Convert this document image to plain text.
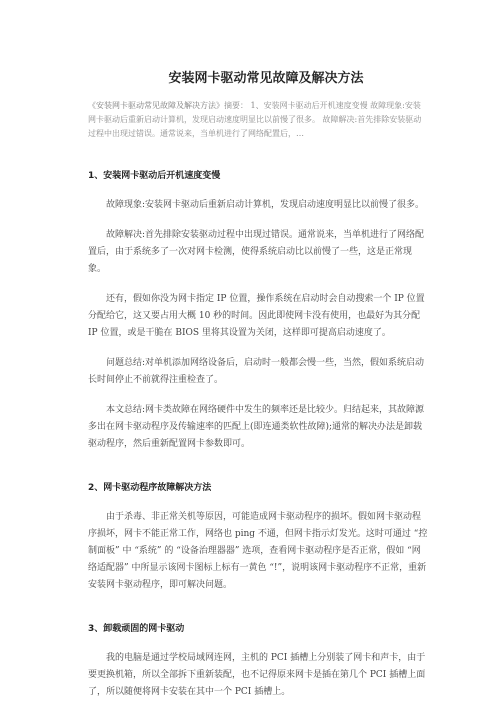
安装网卡驱动常见故障及解决方法
《安装网卡驱动常见故障及解决方法》摘要： 1、安装网卡驱动后开机速度变慢 故障现象:安装网卡驱动后重新启动计算机，发现启动速度明显比以前慢了很多。 故障解决:首先排除安装驱动过程中出现过错误。通常说来，当单机进行了网络配置后，…
1、安装网卡驱动后开机速度变慢

故障现象:安装网卡驱动后重新启动计算机，发现启动速度明显比以前慢了很多。

故障解决:首先排除安装驱动过程中出现过错误。通常说来，当单机进行了网络配置后，由于系统多了一次对网卡检测，使得系统启动比以前慢了一些，这是正常现象。

还有，假如你没为网卡指定 IP 位置，操作系统在启动时会自动搜索一个 IP 位置分配给它，这又要占用大概 10 秒的时间。因此即使网卡没有使用，也最好为其分配 IP 位置，或是干脆在 BIOS 里将其设置为关闭，这样即可提高启动速度了。

问题总结:对单机添加网络设备后，启动时一般都会慢一些，当然，假如系统启动长时间停止不前就得注重检查了。

本文总结:网卡类故障在网络硬件中发生的频率还是比较少。归结起来，其故障源多出在网卡驱动程序及传输速率的匹配上(即连通类软性故障);通常的解决办法是卸载驱动程序，然后重新配置网卡参数即可。

2、网卡驱动程序故障解决方法

由于杀毒、非正常关机等原因，可能造成网卡驱动程序的损坏。假如网卡驱动程序损坏，网卡不能正常工作，网络也 ping 不通，但网卡指示灯发光。这时可通过 “控制面板” 中 “系统” 的 “设备治理器器” 选项，查看网卡驱动程序是否正常，假如 “网络适配器” 中所显示该网卡图标上标有一黄色 “!”，说明该网卡驱动程序不正常，重新安装网卡驱动程序，即可解决问题。

3、卸载顽固的网卡驱动

我的电脑是通过学校局域网连网，主机的 PCI 插槽上分别装了网卡和声卡，由于要更换机箱，所以全部拆下重新装配，也不记得原来网卡是插在第几个 PCI 插槽上面了，所以随便将网卡安装在其中一个 PCI 插槽上。
